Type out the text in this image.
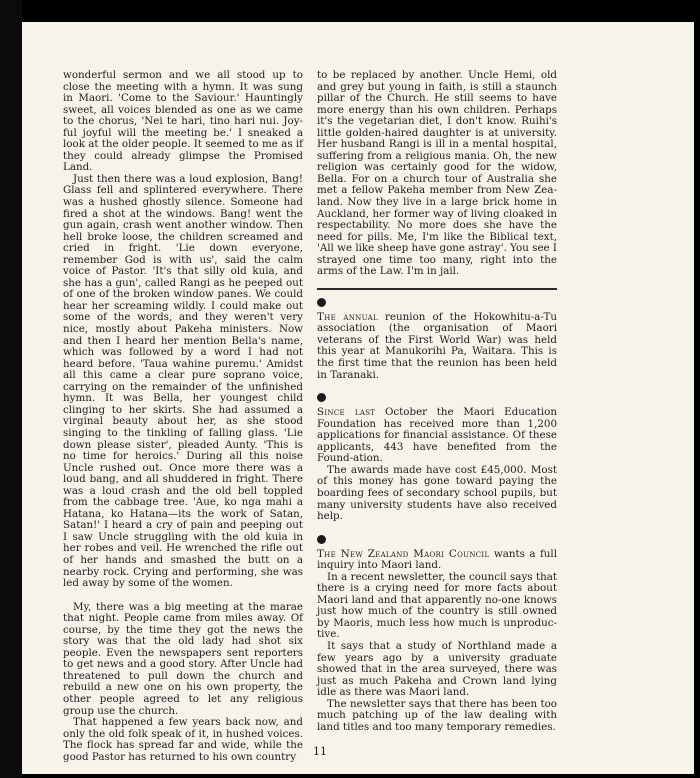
wonderful sermon and we all stood up to close the meeting with a hymn. It was sung in Maori. 'Come to the Saviour.' Hauntingly sweet, all voices blended as one as we came to the chorus, 'Nei te hari, tino hari nui. Joy-ful joyful will the meeting be.' I sneaked a look at the older people. It seemed to me as if they could already glimpse the Promised Land.

Just then there was a loud explosion, Bang! Glass fell and splintered everywhere. There was a hushed ghostly silence. Someone had fired a shot at the windows. Bang! went the gun again, crash went another window. Then hell broke loose, the children screamed and cried in fright. 'Lie down everyone, remember God is with us', said the calm voice of Pastor. 'It's that silly old kuia, and she has a gun', called Rangi as he peeped out of one of the broken window panes. We could hear her screaming wildly. I could make out some of the words, and they weren't very nice, mostly about Pakeha ministers. Now and then I heard her mention Bella's name, which was followed by a word I had not heard before. 'Taua wahine puremu.' Amidst all this came a clear pure soprano voice, carrying on the remainder of the unfinished hymn. It was Bella, her youngest child clinging to her skirts. She had assumed a virginal beauty about her, as she stood singing to the tinkling of falling glass. 'Lie down please sister', pleaded Aunty. 'This is no time for heroics.' During all this noise Uncle rushed out. Once more there was a loud bang, and all shuddered in fright. There was a loud crash and the old bell toppled from the cabbage tree. 'Aue, ko nga mahi a Hatana, ko Hatana—its the work of Satan, Satan!' I heard a cry of pain and peeping out I saw Uncle struggling with the old kuia in her robes and veil. He wrenched the rifle out of her hands and smashed the butt on a nearby rock. Crying and performing, she was led away by some of the women.

My, there was a big meeting at the marae that night. People came from miles away. Of course, by the time they got the news the story was that the old lady had shot six people. Even the newspapers sent reporters to get news and a good story. After Uncle had threatened to pull down the church and rebuild a new one on his own property, the other people agreed to let any religious group use the church.

That happened a few years back now, and only the old folk speak of it, in hushed voices. The flock has spread far and wide, while the good Pastor has returned to his own country

to be replaced by another. Uncle Hemi, old and grey but young in faith, is still a staunch pillar of the Church. He still seems to have more energy than his own children. Perhaps it's the vegetarian diet, I don't know. Ruihi's little golden-haired daughter is at university. Her husband Rangi is ill in a mental hospital, suffering from a religious mania. Oh, the new religion was certainly good for the widow, Bella. For on a church tour of Australia she met a fellow Pakeha member from New Zea-land. Now they live in a large brick home in Auckland, her former way of living cloaked in respectability. No more does she have the need for pills. Me, I'm like the Biblical text, 'All we like sheep have gone astray'. You see I strayed one time too many, right into the arms of the Law. I'm in jail.

The annual reunion of the Hokowhitu-a-Tu association (the organisation of Maori veterans of the First World War) was held this year at Manukorihi Pa, Waitara. This is the first time that the reunion has been held in Taranaki.

Since last October the Maori Education Foundation has received more than 1,200 applications for financial assistance. Of these applicants, 443 have benefited from the Found-ation.

The awards made have cost £45,000. Most of this money has gone toward paying the boarding fees of secondary school pupils, but many university students have also received help.

The New Zealand Maori Council wants a full inquiry into Maori land.

In a recent newsletter, the council says that there is a crying need for more facts about Maori land and that apparently no-one knows just how much of the country is still owned by Maoris, much less how much is unproduc-tive.

It says that a study of Northland made a few years ago by a university graduate showed that in the area surveyed, there was just as much Pakeha and Crown land lying idle as there was Maori land.

The newsletter says that there has been too much patching up of the law dealing with land titles and too many temporary remedies.

11
